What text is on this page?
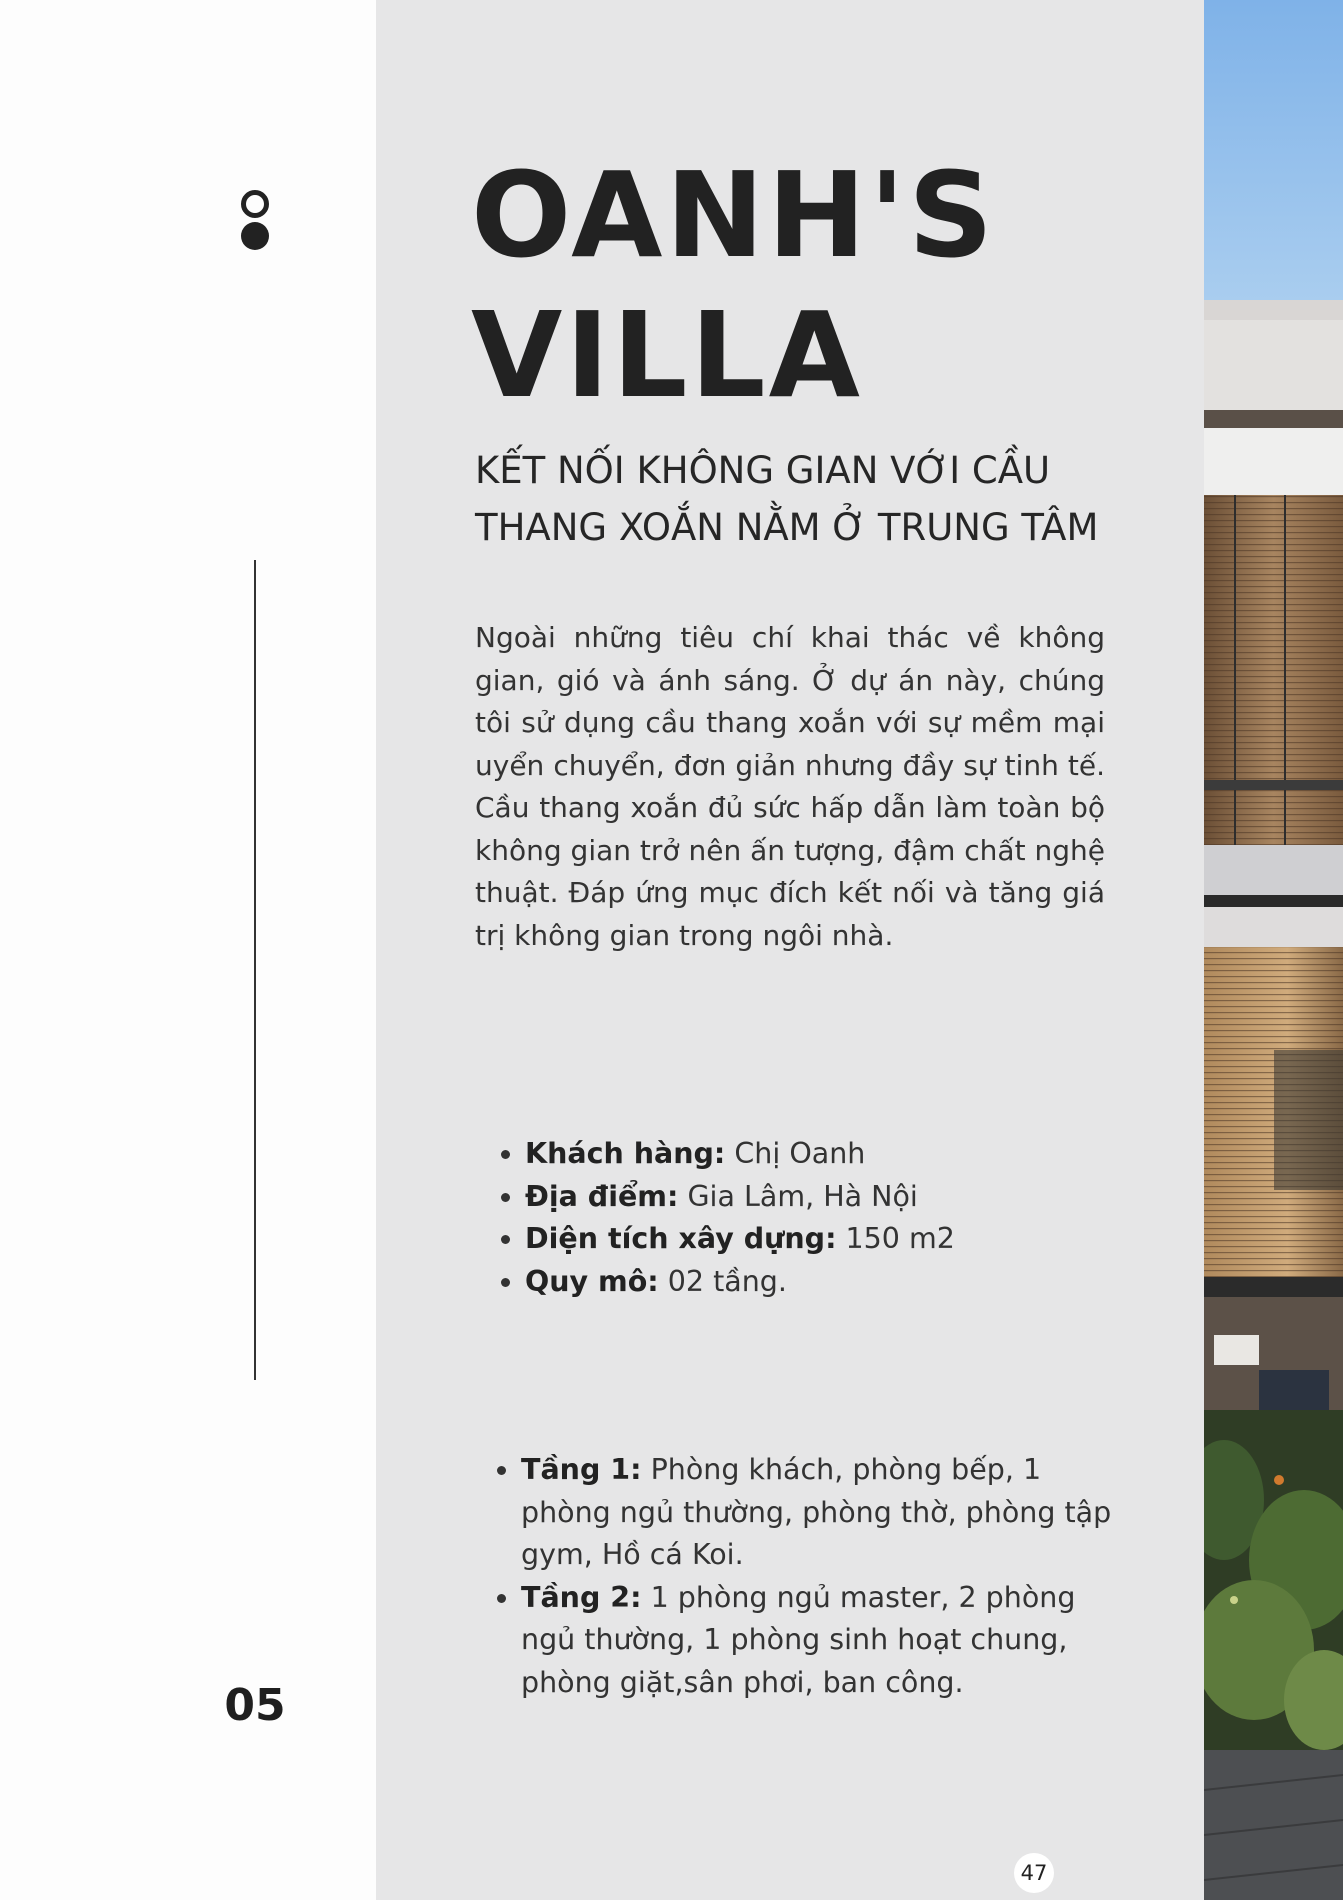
05
OANH'S
VILLA
KẾT NỐI KHÔNG GIAN VỚI CẦU
THANG XOẮN NẰM Ở TRUNG TÂM

Ngoài những tiêu chí khai thác về không gian, gió và ánh sáng. Ở dự án này, chúng tôi sử dụng cầu thang xoắn với sự mềm mại uyển chuyển, đơn giản nhưng đầy sự tinh tế. Cầu thang xoắn đủ sức hấp dẫn làm toàn bộ không gian trở nên ấn tượng, đậm chất nghệ thuật. Đáp ứng mục đích kết nối và tăng giá trị không gian trong ngôi nhà.

• Khách hàng: Chị Oanh
• Địa điểm: Gia Lâm, Hà Nội
• Diện tích xây dựng: 150 m2
• Quy mô: 02 tầng.
• Tầng 1: Phòng khách, phòng bếp, 1 phòng ngủ thường, phòng thờ, phòng tập gym, Hồ cá Koi.
• Tầng 2: 1 phòng ngủ master, 2 phòng ngủ thường, 1 phòng sinh hoạt chung, phòng giặt,sân phơi, ban công.
47
